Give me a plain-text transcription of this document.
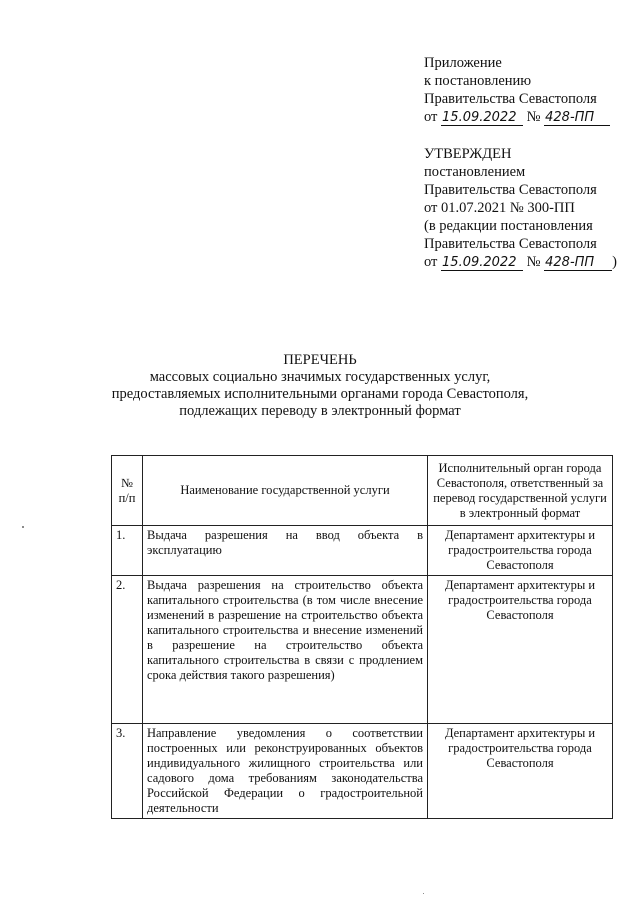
Приложение
к постановлению
Правительства Севастополя
от 15.09.2022 № 428-ПП
УТВЕРЖДЕН
постановлением
Правительства Севастополя
от 01.07.2021 № 300-ПП
(в редакции постановления
Правительства Севастополя
от 15.09.2022 № 428-ПП )
ПЕРЕЧЕНЬ
массовых социально значимых государственных услуг,
предоставляемых исполнительными органами города Севастополя,
подлежащих переводу в электронный формат
№ п/п	Наименование государственной услуги	Исполнительный орган города Севастополя, ответственный за перевод государственной услуги в электронный формат
1.	Выдача разрешения на ввод объекта в эксплуатацию	Департамент архитектуры и градостроительства города Севастополя
2.	Выдача разрешения на строительство объекта капитального строительства (в том числе внесение изменений в разрешение на строительство объекта капитального строительства и внесение изменений в разрешение на строительство объекта капитального строительства в связи с продлением срока действия такого разрешения)	Департамент архитектуры и градостроительства города Севастополя
3.	Направление уведомления о соответствии построенных или реконструированных объектов индивидуального жилищного строительства или садового дома требованиям законодательства Российской Федерации о градостроительной деятельности	Департамент архитектуры и градостроительства города Севастополя
